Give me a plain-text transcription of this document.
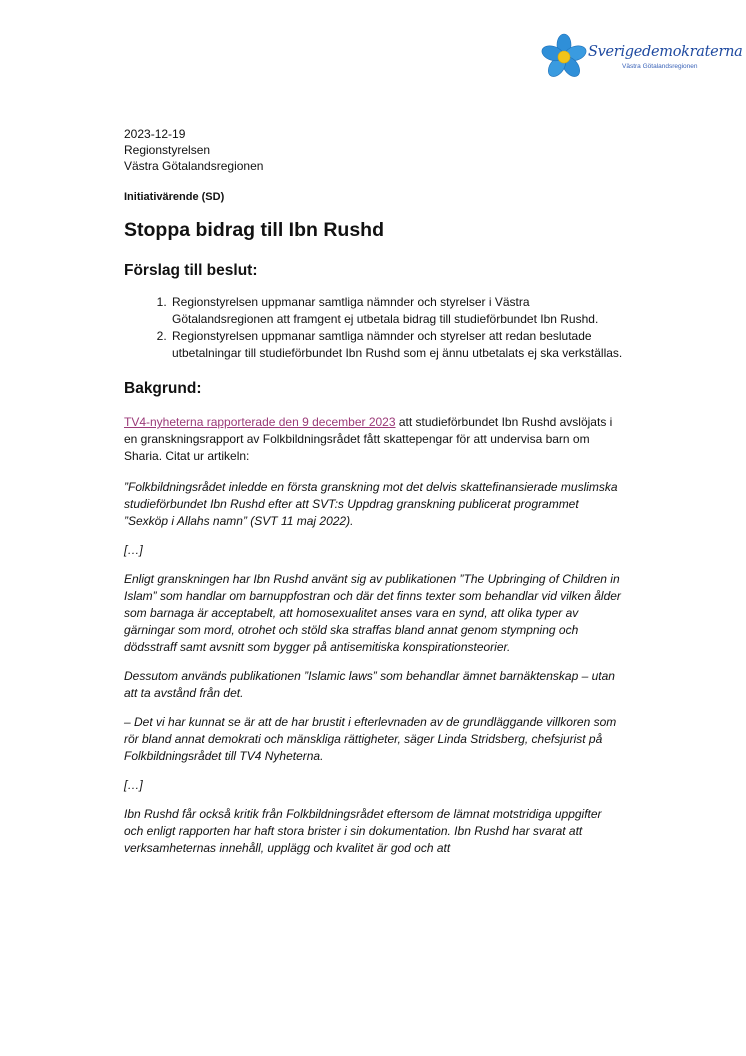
Sverigedemokraterna
Västra Götalandsregionen
2023-12-19
Regionstyrelsen
Västra Götalandsregionen
Initiativärende (SD)
Stoppa bidrag till Ibn Rushd
Förslag till beslut:
1. Regionstyrelsen uppmanar samtliga nämnder och styrelser i Västra Götalandsregionen att framgent ej utbetala bidrag till studieförbundet Ibn Rushd.
2. Regionstyrelsen uppmanar samtliga nämnder och styrelser att redan beslutade utbetalningar till studieförbundet Ibn Rushd som ej ännu utbetalats ej ska verkställas.
Bakgrund:

TV4-nyheterna rapporterade den 9 december 2023 att studieförbundet Ibn Rushd avslöjats i en granskningsrapport av Folkbildningsrådet fått skattepengar för att undervisa barn om Sharia. Citat ur artikeln:

”Folkbildningsrådet inledde en första granskning mot det delvis skattefinansierade muslimska studieförbundet Ibn Rushd efter att SVT:s Uppdrag granskning publicerat programmet ”Sexköp i Allahs namn” (SVT 11 maj 2022).

[…]

Enligt granskningen har Ibn Rushd använt sig av publikationen ”The Upbringing of Children in Islam” som handlar om barnuppfostran och där det finns texter som behandlar vid vilken ålder som barnaga är acceptabelt, att homosexualitet anses vara en synd, att olika typer av gärningar som mord, otrohet och stöld ska straffas bland annat genom stympning och dödsstraff samt avsnitt som bygger på antisemitiska konspirationsteorier.

Dessutom används publikationen ”Islamic laws” som behandlar ämnet barnäktenskap – utan att ta avstånd från det.

– Det vi har kunnat se är att de har brustit i efterlevnaden av de grundläggande villkoren som rör bland annat demokrati och mänskliga rättigheter, säger Linda Stridsberg, chefsjurist på Folkbildningsrådet till TV4 Nyheterna.

[…]

Ibn Rushd får också kritik från Folkbildningsrådet eftersom de lämnat motstridiga uppgifter och enligt rapporten har haft stora brister i sin dokumentation. Ibn Rushd har svarat att verksamheternas innehåll, upplägg och kvalitet är god och att
